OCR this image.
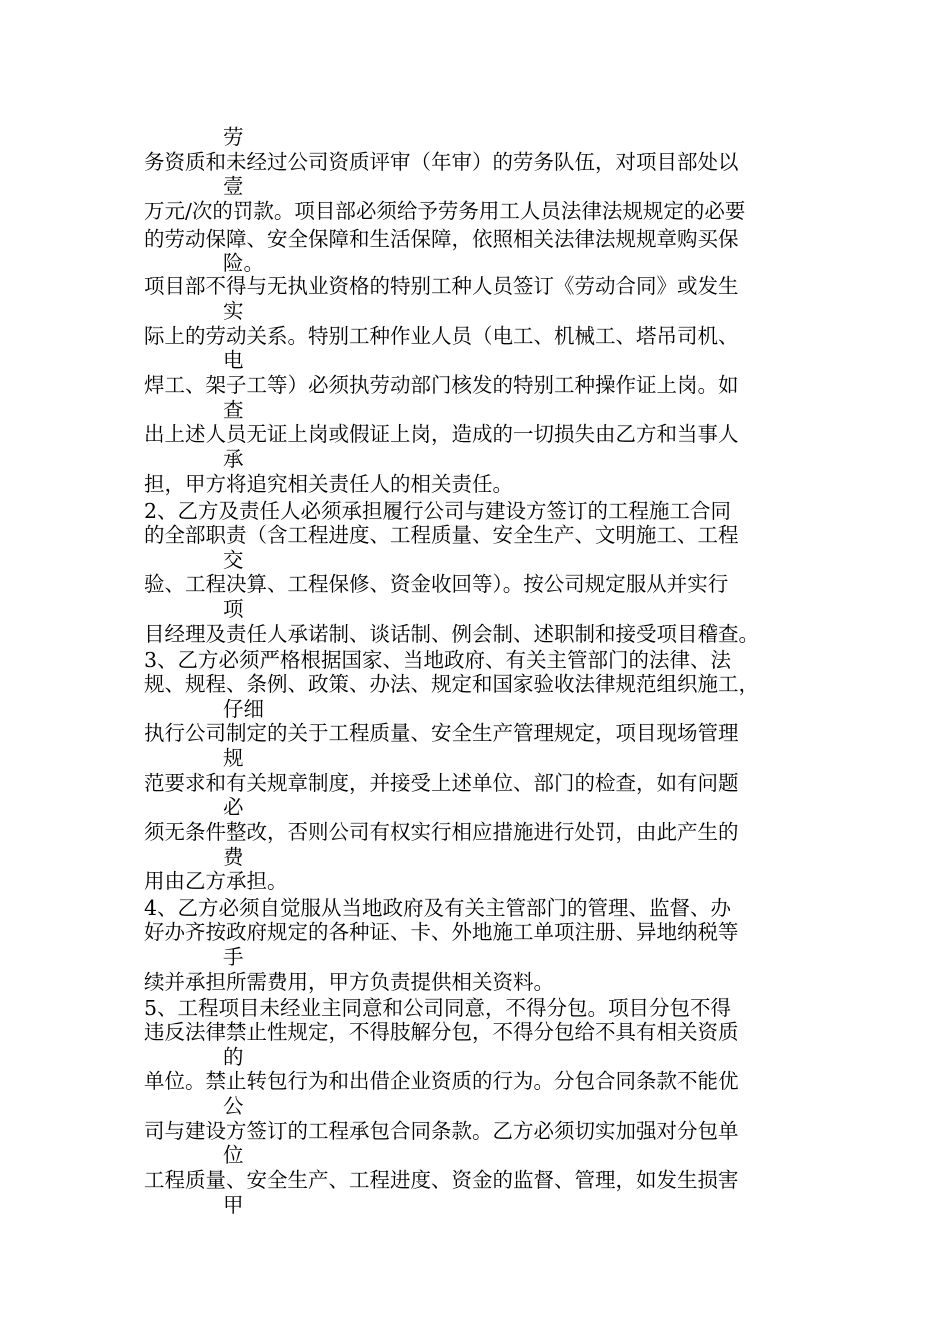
劳
务资质和未经过公司资质评审（年审）的劳务队伍，对项目部处以
壹
万元/次的罚款。项目部必须给予劳务用工人员法律法规规定的必要
的劳动保障、安全保障和生活保障，依照相关法律法规规章购买保
险。
项目部不得与无执业资格的特别工种人员签订《劳动合同》或发生
实
际上的劳动关系。特别工种作业人员（电工、机械工、塔吊司机、
电
焊工、架子工等）必须执劳动部门核发的特别工种操作证上岗。如
查
出上述人员无证上岗或假证上岗，造成的一切损失由乙方和当事人
承
担，甲方将追究相关责任人的相关责任。
2、乙方及责任人必须承担履行公司与建设方签订的工程施工合同
的全部职责（含工程进度、工程质量、安全生产、文明施工、工程
交
验、工程决算、工程保修、资金收回等）。按公司规定服从并实行
项
目经理及责任人承诺制、谈话制、例会制、述职制和接受项目稽查。
3、乙方必须严格根据国家、当地政府、有关主管部门的法律、法
规、规程、条例、政策、办法、规定和国家验收法律规范组织施工，
仔细
执行公司制定的关于工程质量、安全生产管理规定，项目现场管理
规
范要求和有关规章制度，并接受上述单位、部门的检查，如有问题
必
须无条件整改，否则公司有权实行相应措施进行处罚，由此产生的
费
用由乙方承担。
4、乙方必须自觉服从当地政府及有关主管部门的管理、监督、办
好办齐按政府规定的各种证、卡、外地施工单项注册、异地纳税等
手
续并承担所需费用，甲方负责提供相关资料。
5、工程项目未经业主同意和公司同意，不得分包。项目分包不得
违反法律禁止性规定，不得肢解分包，不得分包给不具有相关资质
的
单位。禁止转包行为和出借企业资质的行为。分包合同条款不能优
公
司与建设方签订的工程承包合同条款。乙方必须切实加强对分包单
位
工程质量、安全生产、工程进度、资金的监督、管理，如发生损害
甲
